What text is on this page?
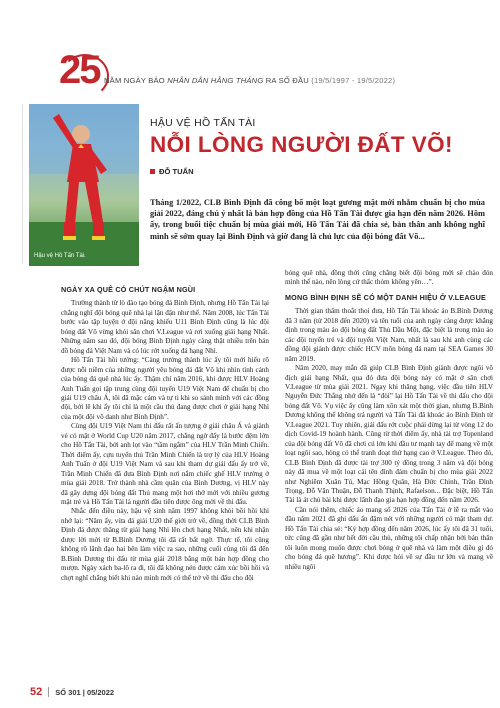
25 NĂM NGÀY BÁO NHÂN DÂN HẰNG THÁNG RA SỐ ĐẦU (19/5/1997 - 19/5/2022)
Hậu vệ Hồ Tấn Tài.
HẬU VỆ HỒ TẤN TÀI
NỖI LÒNG NGƯỜI ĐẤT VÕ!
ĐỖ TUẤN
Tháng 1/2022, CLB Bình Định đã công bố một loạt gương mặt mới nhằm chuẩn bị cho mùa giải 2022, đáng chú ý nhất là bản hợp đồng của Hồ Tấn Tài được gia hạn đến năm 2026. Hôm ấy, trong buổi tiệc chuẩn bị mùa giải mới, Hồ Tấn Tài đã chia sẻ, bản thân anh không nghĩ mình sẽ sớm quay lại Bình Định và giờ đang là chủ lực của đội bóng đất Võ...
NGÀY XA QUÊ CÓ CHÚT NGẬM NGÙI

Trường thành từ lò đào tạo bóng đá Bình Định, nhưng Hồ Tấn Tài lại chẳng nghĩ đội bóng quê nhà lại lận đận như thế. Năm 2008, lúc Tấn Tài bước vào tập luyện ở đội năng khiếu U11 Bình Định cũng là lúc đội bóng đất Võ vừng khỏi sân chơi V.League và rơi xuống giải hạng Nhất. Những năm sau đó, đội bóng Bình Định ngày càng thật nhiều trên bản đồ bóng đá Việt Nam và có lúc rớt xuống đá hạng Nhì.

Hồ Tấn Tài hồi tưởng: “Càng trưởng thành lúc ấy tôi mới hiểu rõ được nỗi niềm của những người yêu bóng đá đất Võ khi nhìn tình cảnh của bóng đá quê nhà lúc ấy. Thậm chí năm 2016, khi được HLV Hoàng Anh Tuấn gọi tập trung cùng đội tuyển U19 Việt Nam để chuẩn bị cho giải U19 châu Á, tôi đã mặc cảm và tự ti khi so sánh mình với các đồng đội, bởi lẽ khi ấy tôi chỉ là một cầu thủ đang được chơi ở giải hạng Nhì của một đội vô danh như Bình Định”.

Cùng đội U19 Việt Nam thi đấu rất ấn tượng ở giải châu Á và giành vé có mặt ở World Cup U20 năm 2017, chẳng ngờ đấy là bước đệm lớn cho Hồ Tấn Tài, bởi anh lọt vào “tầm ngắm” của HLV Trần Minh Chiến. Thời điểm ấy, cựu tuyển thủ Trần Minh Chiến là trợ lý của HLV Hoàng Anh Tuấn ở đội U19 Việt Nam và sau khi tham dự giải đấu ấy trở về, Trần Minh Chiến đã đưa Bình Định nơi nắm chiếc ghế HLV trưởng ở mùa giải 2018. Trở thành nhà cầm quân của Bình Dương, vị HLV này đã gây dựng đội bóng đất Thủ mang một hơi thở mới với nhiều gương mặt trẻ và Hồ Tấn Tài là người đầu tiên được ông mời về thi đấu.

Nhắc đến điều này, hậu vệ sinh năm 1997 không khỏi bồi hồi khi nhớ lại: “Năm ấy, vừa đá giải U20 thế giới trở về, đồng thời CLB Bình Định đá được thăng từ giải hạng Nhì lên chơi hạng Nhất, nên khi nhận được lời mời từ B.Bình Dương tôi đã rất bất ngờ. Thực tế, tôi cũng không rõ lãnh đạo hai bên làm việc ra sao, những cuối cùng tôi đã đến B.Bình Dương thi đấu từ mùa giải 2018 bằng một bản hợp đồng cho mượn. Ngày xách ba-lô ra đi, tôi đã không nén được cảm xúc bồi hồi và chợt nghĩ chẳng biết khi nào mình mới có thể trở về thi đấu cho đội

bóng quê nhà, đồng thời cũng chẳng biết đội bóng mới sẽ chào đón mình thế nào, nên lòng cứ thấc thỏm không yên…”.

MONG BÌNH ĐỊNH SẼ CÓ MỘT DANH HIỆU Ở V.LEAGUE

Thời gian thấm thoắt thoi đưa, Hồ Tấn Tài khoác áo B.Bình Dương đã 3 năm (từ 2018 đến 2020) và tên tuổi của anh ngày càng được khẳng định trong màu áo đội bóng đất Thủ Dầu Một, đặc biệt là trong màu áo các đội tuyển trẻ và đội tuyển Việt Nam, nhất là sau khi anh cùng các đồng đội giành được chiếc HCV môn bóng đá nam tại SEA Games 30 năm 2019.

Năm 2020, may mắn đã giúp CLB Bình Định giành được ngôi vô địch giải hạng Nhất, qua đó đưa đội bóng này có mặt ở sân chơi V.League từ mùa giải 2021. Ngay khi thăng hạng, việc đầu tiên HLV Nguyễn Đức Thắng nhớ đến là “đòi” lại Hồ Tấn Tài về thi đấu cho đội bóng đất Võ. Vụ việc ấy cũng làm xôn xát một thời gian, nhưng B.Bình Dương không thể không trả người và Tấn Tài đã khoác áo Bình Định từ V.League 2021. Tuy nhiên, giải đấu rớt cuộc phải dừng lại từ vòng 12 do dịch Covid-19 hoành hành. Cũng từ thời điểm ấy, nhà tài trợ Topenland của đội bóng đất Võ đã chơi cú lớn khi đầu tư mạnh tay để mang về một loạt ngôi sao, hòng có thể tranh đoạt thứ hạng cao ở V.League. Theo đó, CLB Bình Định đã được tài trợ 300 tỷ đồng trong 3 năm và đội bóng này đã mua về một loạt cái tên đình đám chuẩn bị cho mùa giải 2022 như Nghiêm Xuân Tú, Mạc Hồng Quân, Hà Đức Chinh, Trần Đình Trọng, Đỗ Văn Thuận, Đỗ Thanh Thịnh, Rafaelson... Đặc biệt, Hồ Tấn Tài là át chủ bài khi được lãnh đạo gia hạn hợp đồng đến năm 2026.

Cần nói thêm, chiếc áo mang số 2026 của Tấn Tài ở lễ ra mắt vào đầu năm 2021 đã ghi dấu ấn đậm nét với những người có mặt tham dự. Hồ Tấn Tài chia sẻ: “Kỷ hợp đồng đến năm 2026, lúc ấy tôi đã 31 tuổi, tức cũng đã gần như hết đời cầu thủ, những tôi chấp nhận bởi bản thân tôi luôn mong muốn được chơi bóng ở quê nhà và làm một điều gì đó cho bóng đá quê hương”. Khi được hỏi về sự đầu tư lớn và mang về nhiều ngôi

52 SỐ 301 | 05/2022
